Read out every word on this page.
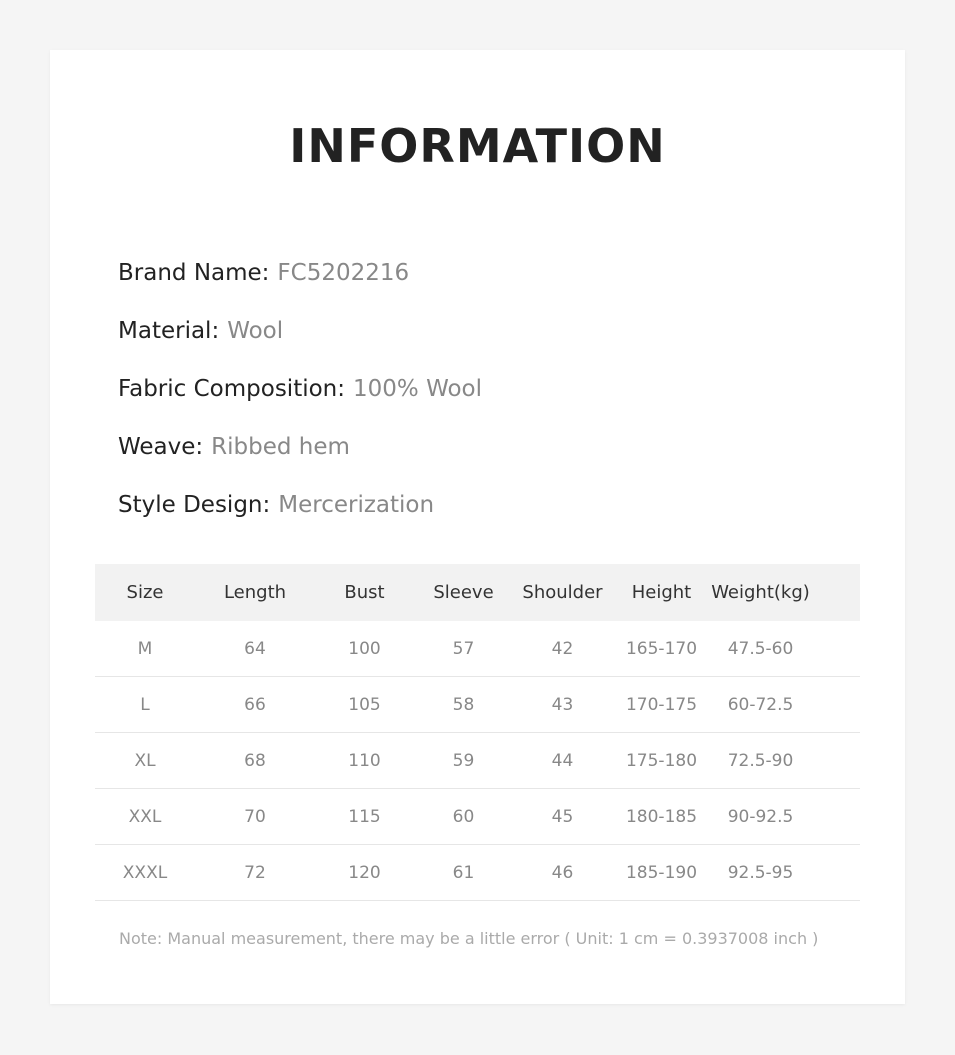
INFORMATION
Brand Name: FC5202216
Material: Wool
Fabric Composition: 100% Wool
Weave: Ribbed hem
Style Design: Mercerization
Size	Length	Bust	Sleeve	Shoulder	Height	Weight(kg)
M	64	100	57	42	165-170	47.5-60
L	66	105	58	43	170-175	60-72.5
XL	68	110	59	44	175-180	72.5-90
XXL	70	115	60	45	180-185	90-92.5
XXXL	72	120	61	46	185-190	92.5-95
Note: Manual measurement, there may be a little error ( Unit: 1 cm = 0.3937008 inch )
